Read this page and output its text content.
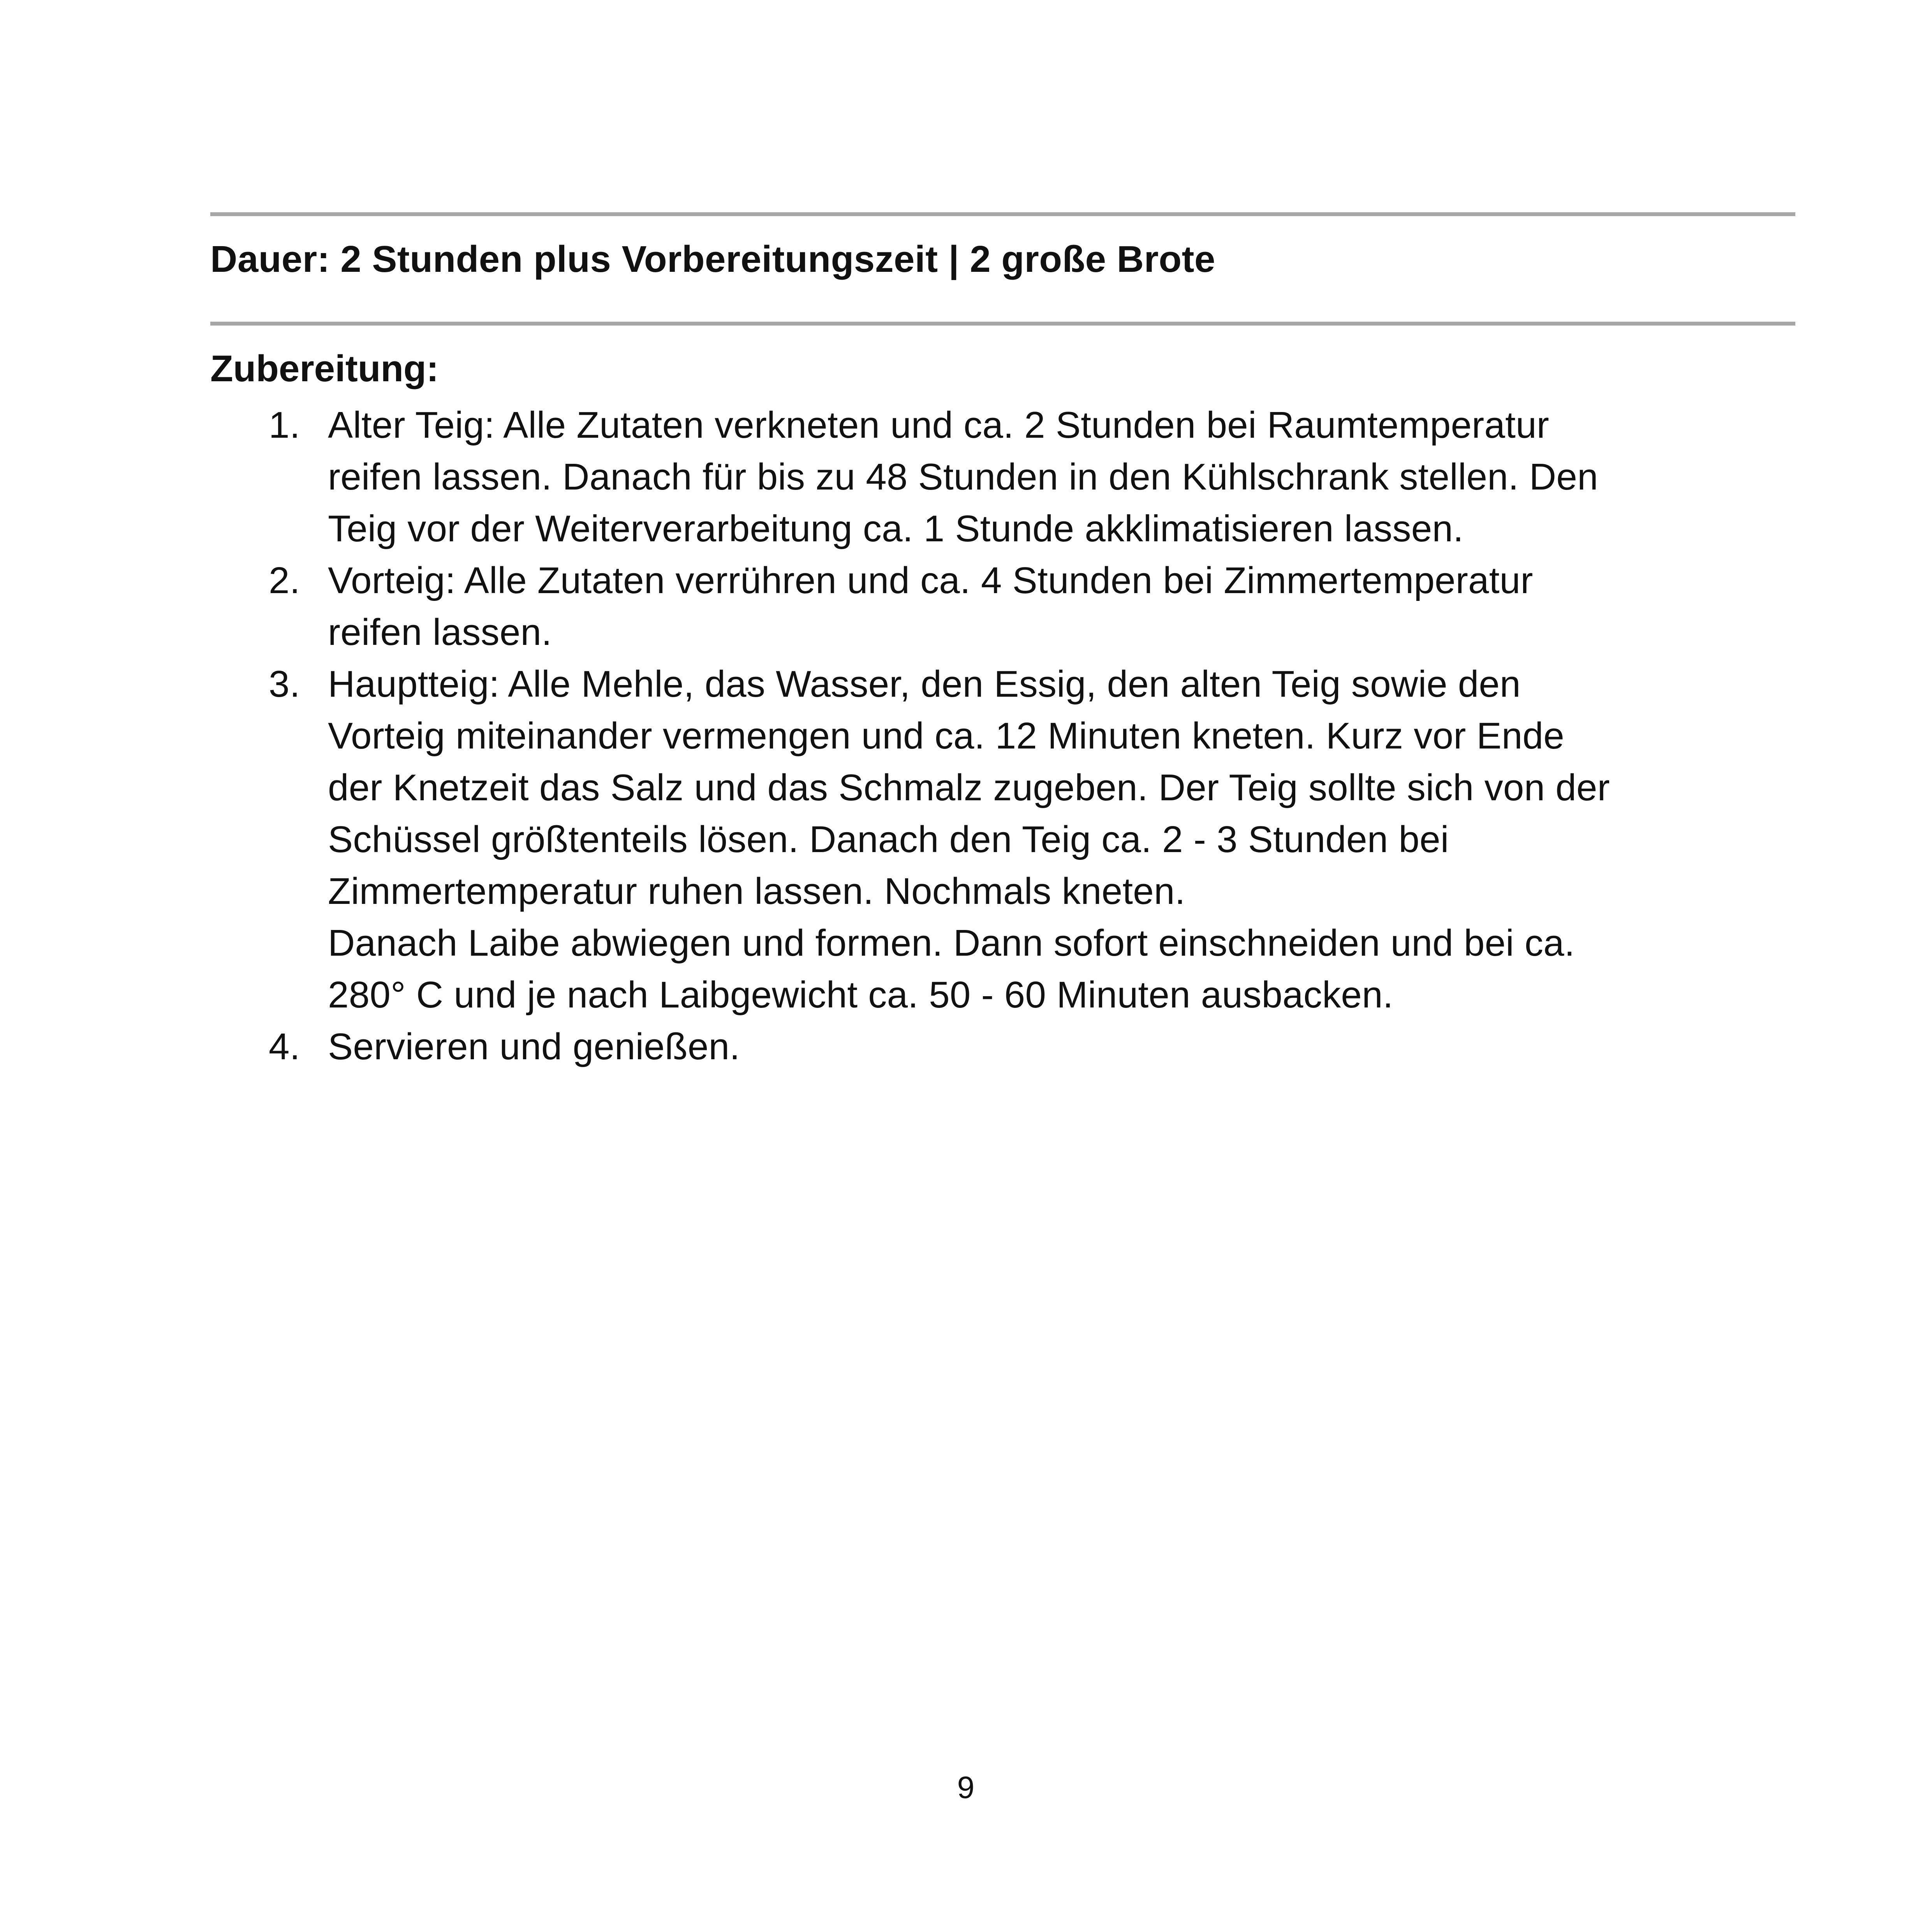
Dauer: 2 Stunden plus Vorbereitungszeit | 2 große Brote
Zubereitung:
1. Alter Teig: Alle Zutaten verkneten und ca. 2 Stunden bei Raumtemperatur
reifen lassen. Danach für bis zu 48 Stunden in den Kühlschrank stellen. Den
Teig vor der Weiterverarbeitung ca. 1 Stunde akklimatisieren lassen.
2. Vorteig: Alle Zutaten verrühren und ca. 4 Stunden bei Zimmertemperatur
reifen lassen.
3. Hauptteig: Alle Mehle, das Wasser, den Essig, den alten Teig sowie den
Vorteig miteinander vermengen und ca. 12 Minuten kneten. Kurz vor Ende
der Knetzeit das Salz und das Schmalz zugeben. Der Teig sollte sich von der
Schüssel größtenteils lösen. Danach den Teig ca. 2 - 3 Stunden bei
Zimmertemperatur ruhen lassen. Nochmals kneten.
Danach Laibe abwiegen und formen. Dann sofort einschneiden und bei ca.
280° C und je nach Laibgewicht ca. 50 - 60 Minuten ausbacken.
4. Servieren und genießen.
9
